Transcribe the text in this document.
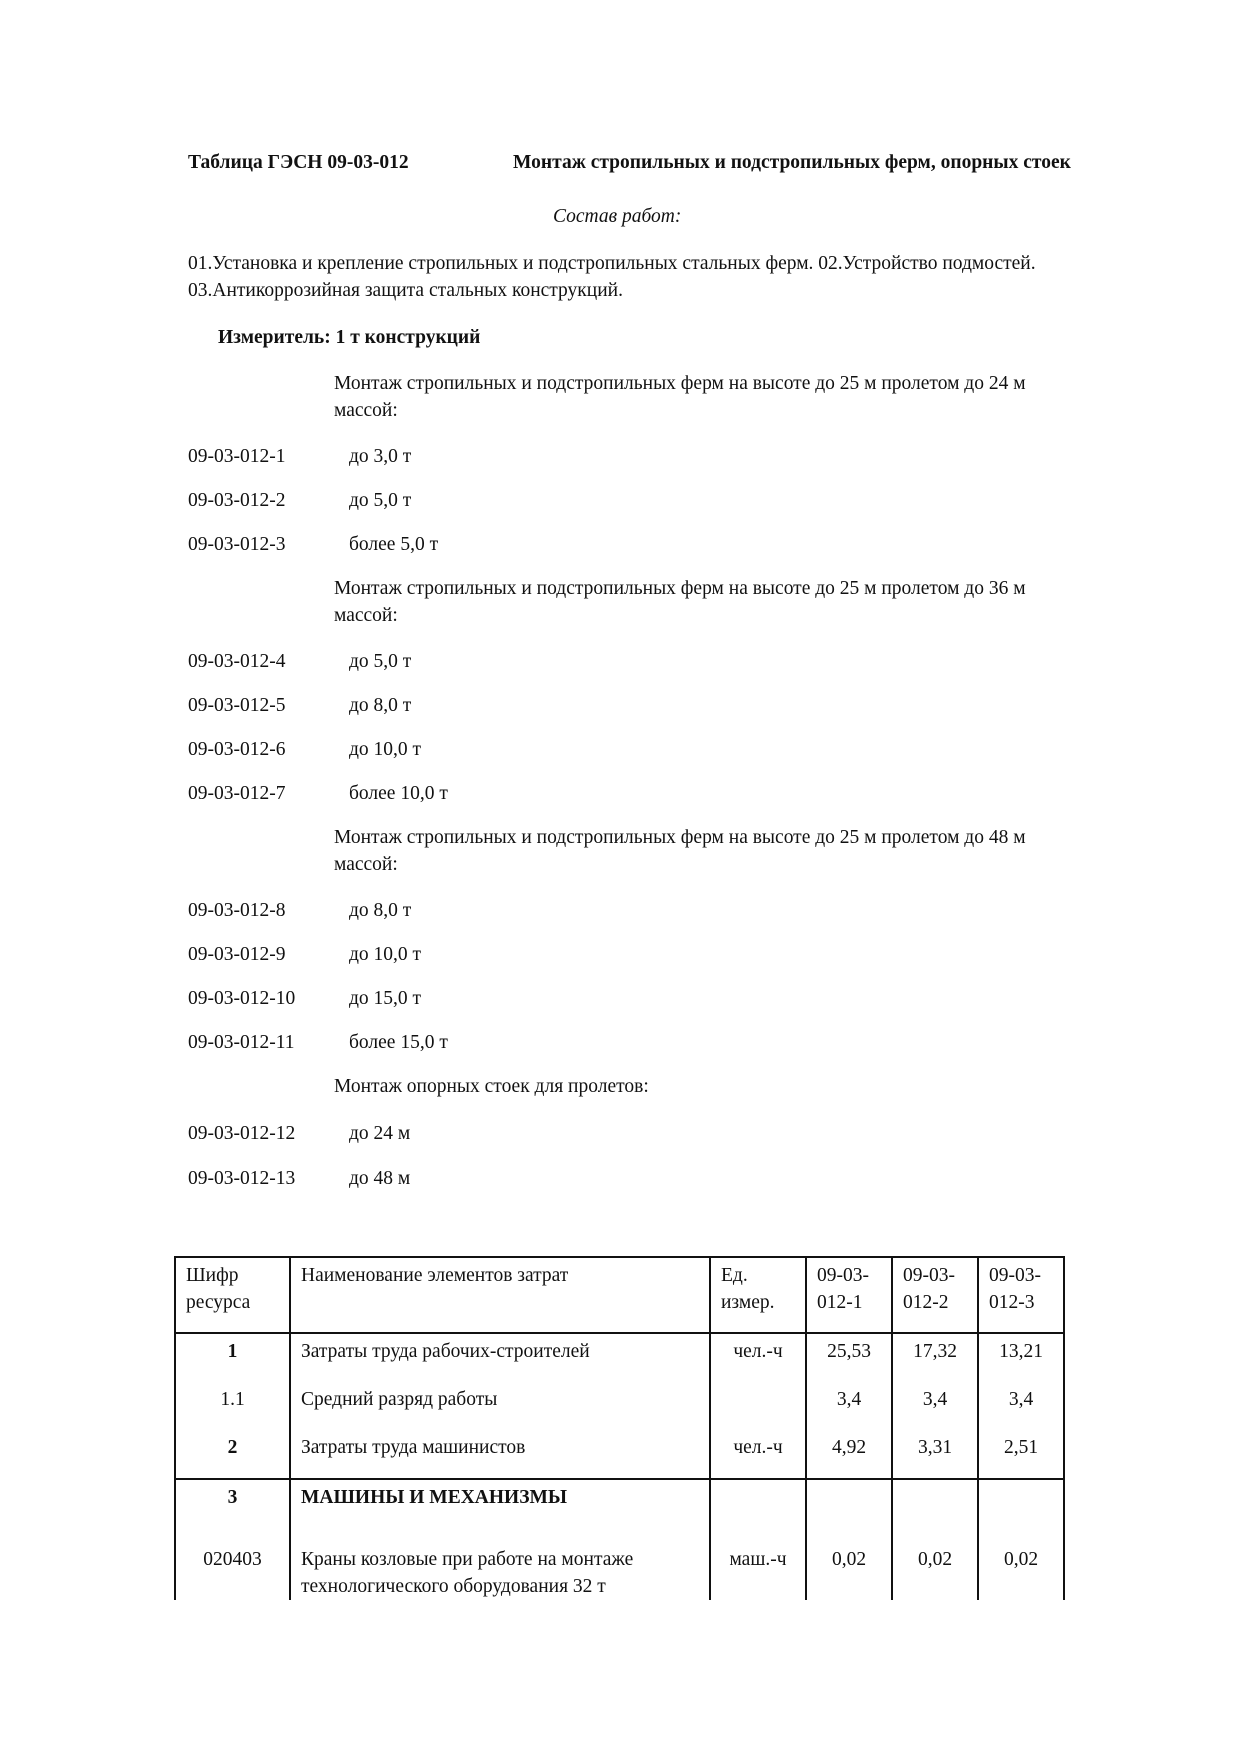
Таблица ГЭСН 09-03-012	Монтаж стропильных и подстропильных ферм, опорных стоек
Состав работ:
01.Установка и крепление стропильных и подстропильных стальных ферм. 02.Устройство подмостей. 03.Антикоррозийная защита стальных конструкций.
Измеритель: 1 т конструкций
Монтаж стропильных и подстропильных ферм на высоте до 25 м пролетом до 24 м массой:
09-03-012-1	до 3,0 т
09-03-012-2	до 5,0 т
09-03-012-3	более 5,0 т
Монтаж стропильных и подстропильных ферм на высоте до 25 м пролетом до 36 м массой:
09-03-012-4	до 5,0 т
09-03-012-5	до 8,0 т
09-03-012-6	до 10,0 т
09-03-012-7	более 10,0 т
Монтаж стропильных и подстропильных ферм на высоте до 25 м пролетом до 48 м массой:
09-03-012-8	до 8,0 т
09-03-012-9	до 10,0 т
09-03-012-10	до 15,0 т
09-03-012-11	более 15,0 т
Монтаж опорных стоек для пролетов:
09-03-012-12	до 24 м
09-03-012-13	до 48 м
Шифр ресурса	Наименование элементов затрат	Ед. измер.	09-03-012-1	09-03-012-2	09-03-012-3
1	Затраты труда рабочих-строителей	чел.-ч	25,53	17,32	13,21
1.1	Средний разряд работы		3,4	3,4	3,4
2	Затраты труда машинистов	чел.-ч	4,92	3,31	2,51
3	МАШИНЫ И МЕХАНИЗМЫ				
020403	Краны козловые при работе на монтаже технологического оборудования 32 т	маш.-ч	0,02	0,02	0,02
